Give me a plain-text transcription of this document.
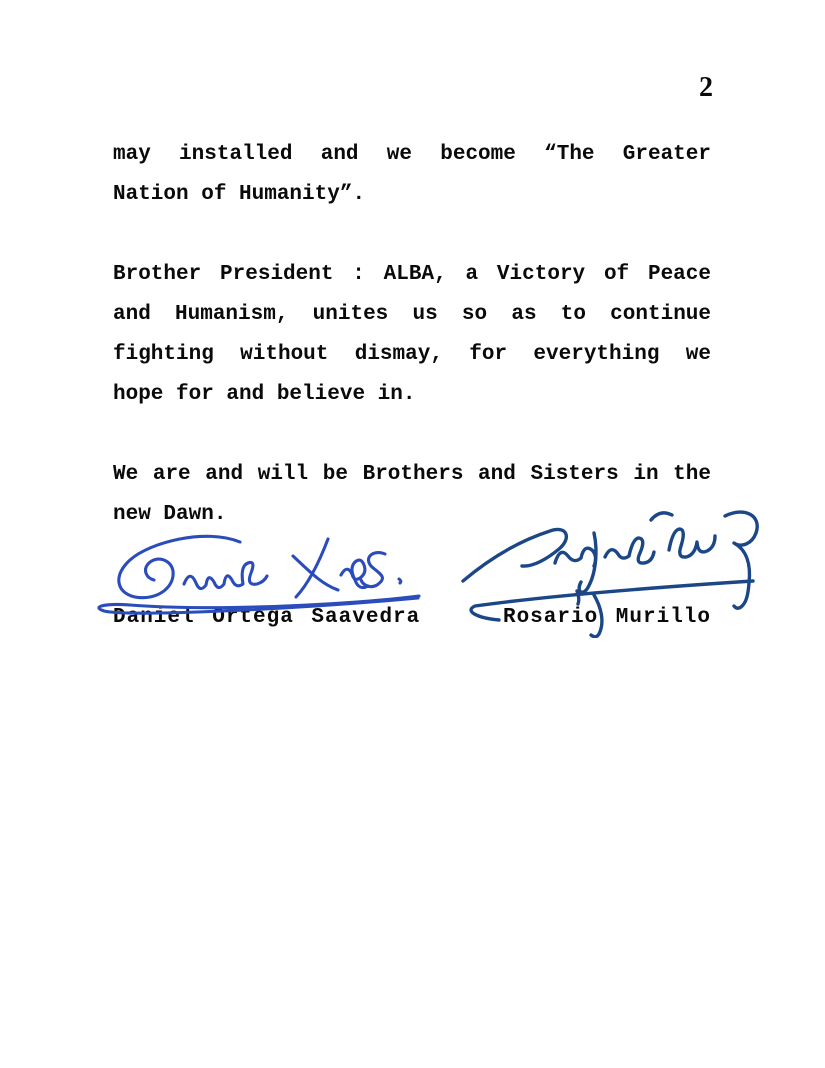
2
may installed and we become “The Greater
Nation of Humanity”.
Brother President : ALBA, a Victory of Peace
and Humanism, unites us so as to continue
fighting without dismay, for everything we
hope for and believe in.
We are and will be Brothers and Sisters in the
new Dawn.
Daniel Ortega Saavedra	Rosario Murillo
